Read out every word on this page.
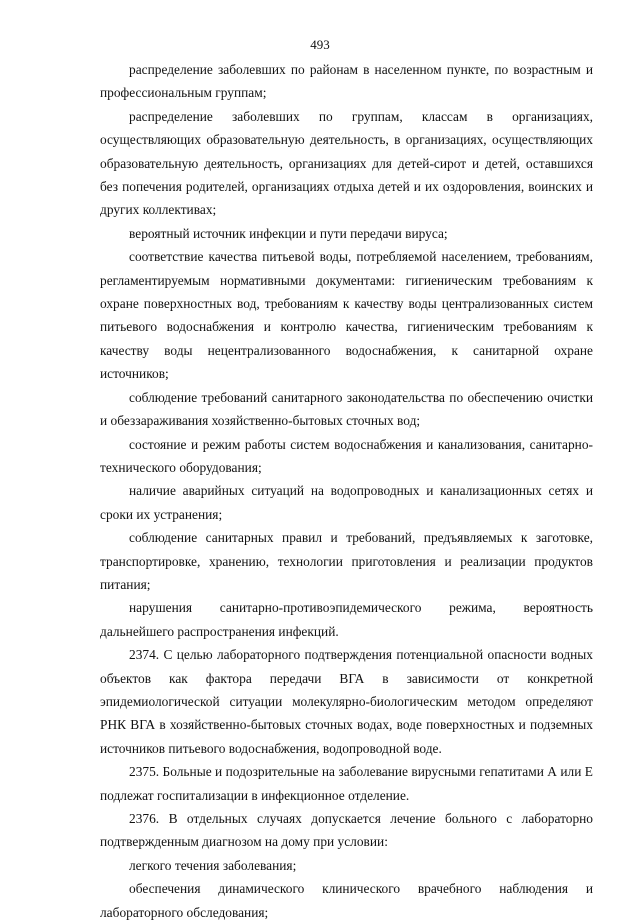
493

распределение заболевших по районам в населенном пункте, по возрастным и профессиональным группам;

распределение заболевших по группам, классам в организациях, осуществляющих образовательную деятельность, в организациях, осуществляющих образовательную деятельность, организациях для детей-сирот и детей, оставшихся без попечения родителей, организациях отдыха детей и их оздоровления, воинских и других коллективах;

вероятный источник инфекции и пути передачи вируса;

соответствие качества питьевой воды, потребляемой населением, требованиям, регламентируемым нормативными документами: гигиеническим требованиям к охране поверхностных вод, требованиям к качеству воды централизованных систем питьевого водоснабжения и контролю качества, гигиеническим требованиям к качеству воды нецентрализованного водоснабжения, к санитарной охране источников;

соблюдение требований санитарного законодательства по обеспечению очистки и обеззараживания хозяйственно-бытовых сточных вод;

состояние и режим работы систем водоснабжения и канализования, санитарно-технического оборудования;

наличие аварийных ситуаций на водопроводных и канализационных сетях и сроки их устранения;

соблюдение санитарных правил и требований, предъявляемых к заготовке, транспортировке, хранению, технологии приготовления и реализации продуктов питания;

нарушения санитарно-противоэпидемического режима, вероятность дальнейшего распространения инфекций.

2374. С целью лабораторного подтверждения потенциальной опасности водных объектов как фактора передачи ВГА в зависимости от конкретной эпидемиологической ситуации молекулярно-биологическим методом определяют РНК ВГА в хозяйственно-бытовых сточных водах, воде поверхностных и подземных источников питьевого водоснабжения, водопроводной воде.

2375. Больные и подозрительные на заболевание вирусными гепатитами А или Е подлежат госпитализации в инфекционное отделение.

2376. В отдельных случаях допускается лечение больного с лабораторно подтвержденным диагнозом на дому при условии:

легкого течения заболевания;

обеспечения динамического клинического врачебного наблюдения и

лабораторного обследования;
